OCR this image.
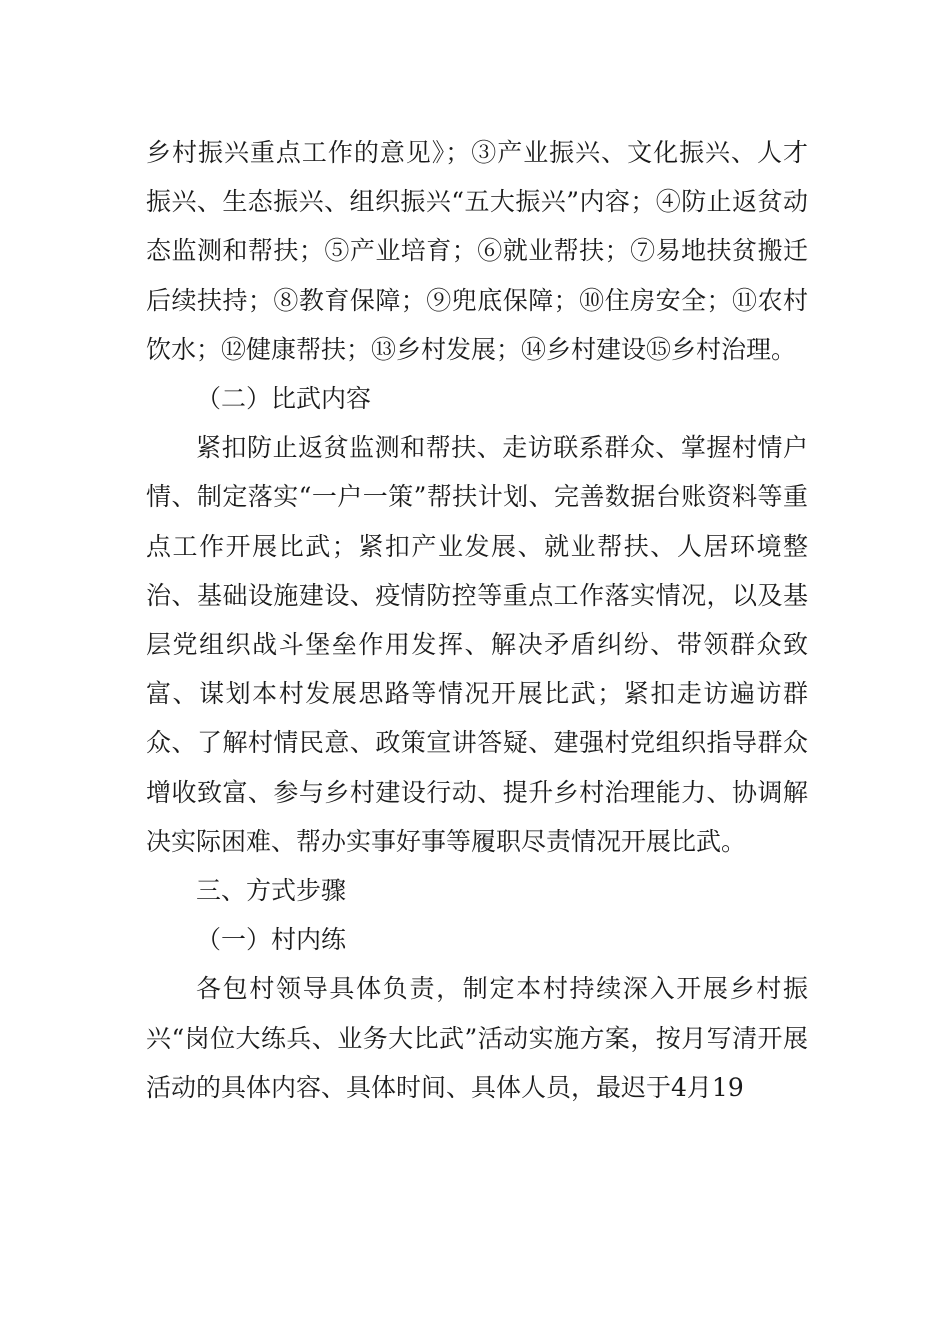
乡村振兴重点工作的意见》；③产业振兴、文化振兴、人才振兴、生态振兴、组织振兴“五大振兴”内容；④防止返贫动态监测和帮扶；⑤产业培育；⑥就业帮扶；⑦易地扶贫搬迁后续扶持；⑧教育保障；⑨兜底保障；⑩住房安全；⑪农村饮水；⑫健康帮扶；⑬乡村发展；⑭乡村建设⑮乡村治理。

（二）比武内容

紧扣防止返贫监测和帮扶、走访联系群众、掌握村情户情、制定落实“一户一策”帮扶计划、完善数据台账资料等重点工作开展比武；紧扣产业发展、就业帮扶、人居环境整治、基础设施建设、疫情防控等重点工作落实情况，以及基层党组织战斗堡垒作用发挥、解决矛盾纠纷、带领群众致富、谋划本村发展思路等情况开展比武；紧扣走访遍访群众、了解村情民意、政策宣讲答疑、建强村党组织指导群众增收致富、参与乡村建设行动、提升乡村治理能力、协调解决实际困难、帮办实事好事等履职尽责情况开展比武。

三、方式步骤

（一）村内练

各包村领导具体负责，制定本村持续深入开展乡村振兴“岗位大练兵、业务大比武”活动实施方案，按月写清开展活动的具体内容、具体时间、具体人员，最迟于4月19
